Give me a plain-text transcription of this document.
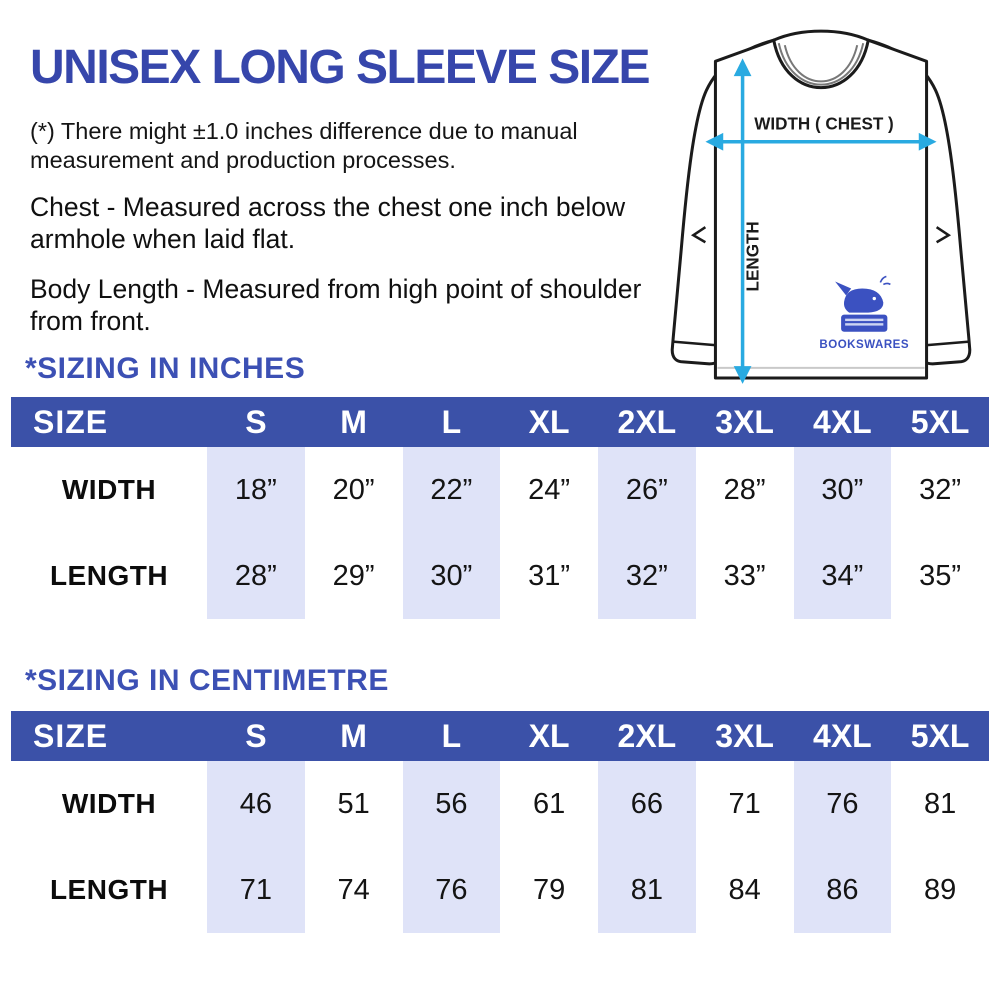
UNISEX LONG SLEEVE SIZE

(*) There might ±1.0 inches difference due to manual measurement and production processes.

Chest - Measured across the chest one inch below armhole when laid flat.

Body Length - Measured from high point of shoulder from front.

WIDTH ( CHEST )
LENGTH
BOOKSWARES
*SIZING IN INCHES
SIZE	S	M	L	XL	2XL	3XL	4XL	5XL
WIDTH	18”	20”	22”	24”	26”	28”	30”	32”
LENGTH	28”	29”	30”	31”	32”	33”	34”	35”
*SIZING IN CENTIMETRE
SIZE	S	M	L	XL	2XL	3XL	4XL	5XL
WIDTH	46	51	56	61	66	71	76	81
LENGTH	71	74	76	79	81	84	86	89
